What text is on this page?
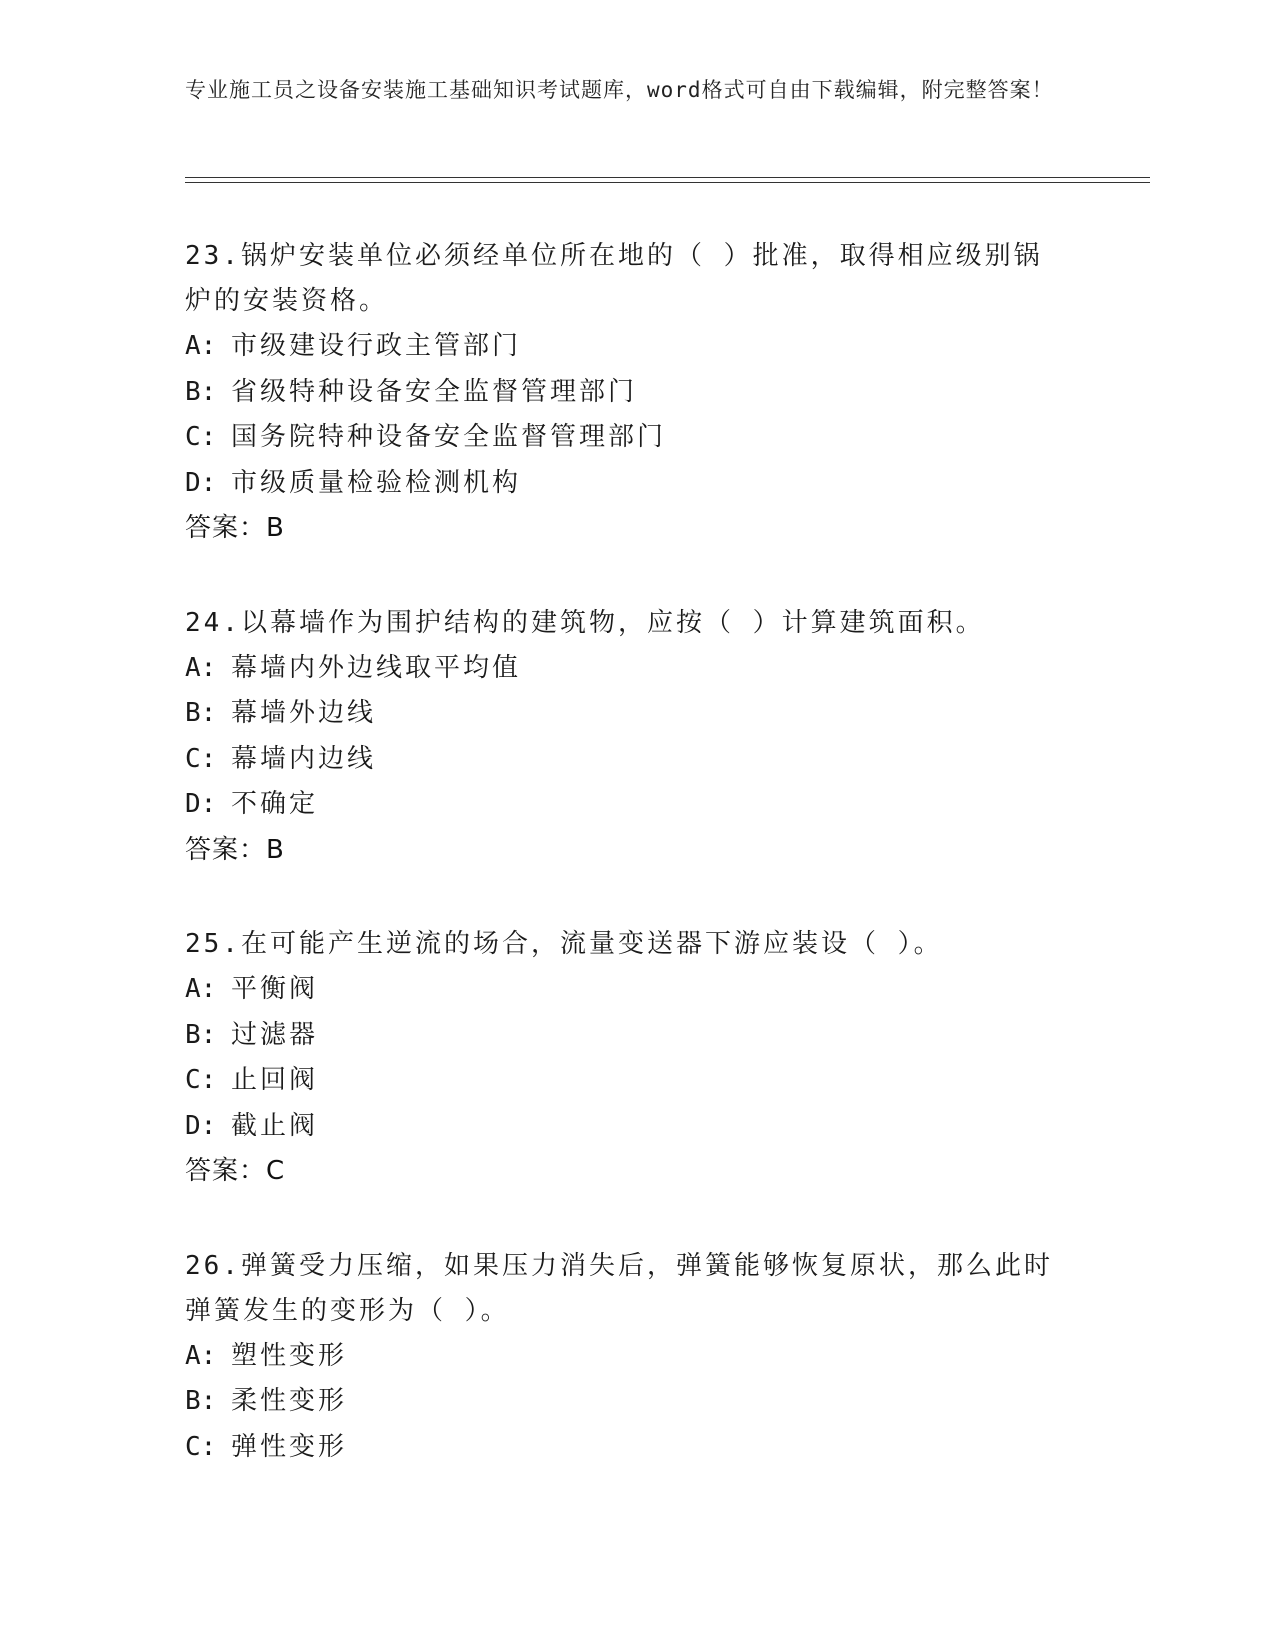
专业施工员之设备安装施工基础知识考试题库，word格式可自由下载编辑，附完整答案！

23.锅炉安装单位必须经单位所在地的（ ）批准，取得相应级别锅炉的安装资格。

A: 市级建设行政主管部门

B: 省级特种设备安全监督管理部门

C: 国务院特种设备安全监督管理部门

D: 市级质量检验检测机构

答案：B

24.以幕墙作为围护结构的建筑物，应按（ ）计算建筑面积。

A: 幕墙内外边线取平均值

B: 幕墙外边线

C: 幕墙内边线

D: 不确定

答案：B

25.在可能产生逆流的场合，流量变送器下游应装设（ ）。

A: 平衡阀

B: 过滤器

C: 止回阀

D: 截止阀

答案：C

26.弹簧受力压缩，如果压力消失后，弹簧能够恢复原状，那么此时弹簧发生的变形为（ ）。

A: 塑性变形

B: 柔性变形

C: 弹性变形
